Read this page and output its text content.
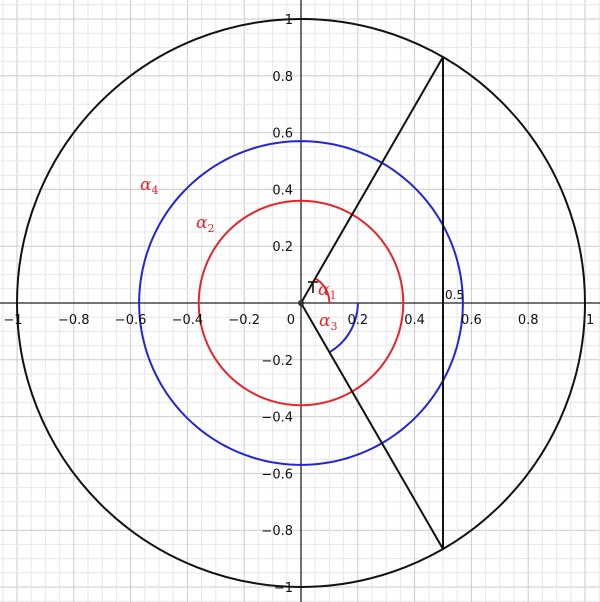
−1	−0.8 −0.6 −0.4 −0.2 0	0.2	0.4	0.6	0.8	1
1
0.8
0.6
0.4
0.2
−0.2
−0.4
−0.6
−0.8
−1
$\alpha_1$
$\alpha_2$
$\alpha_3$
$\alpha_4$
0.5
